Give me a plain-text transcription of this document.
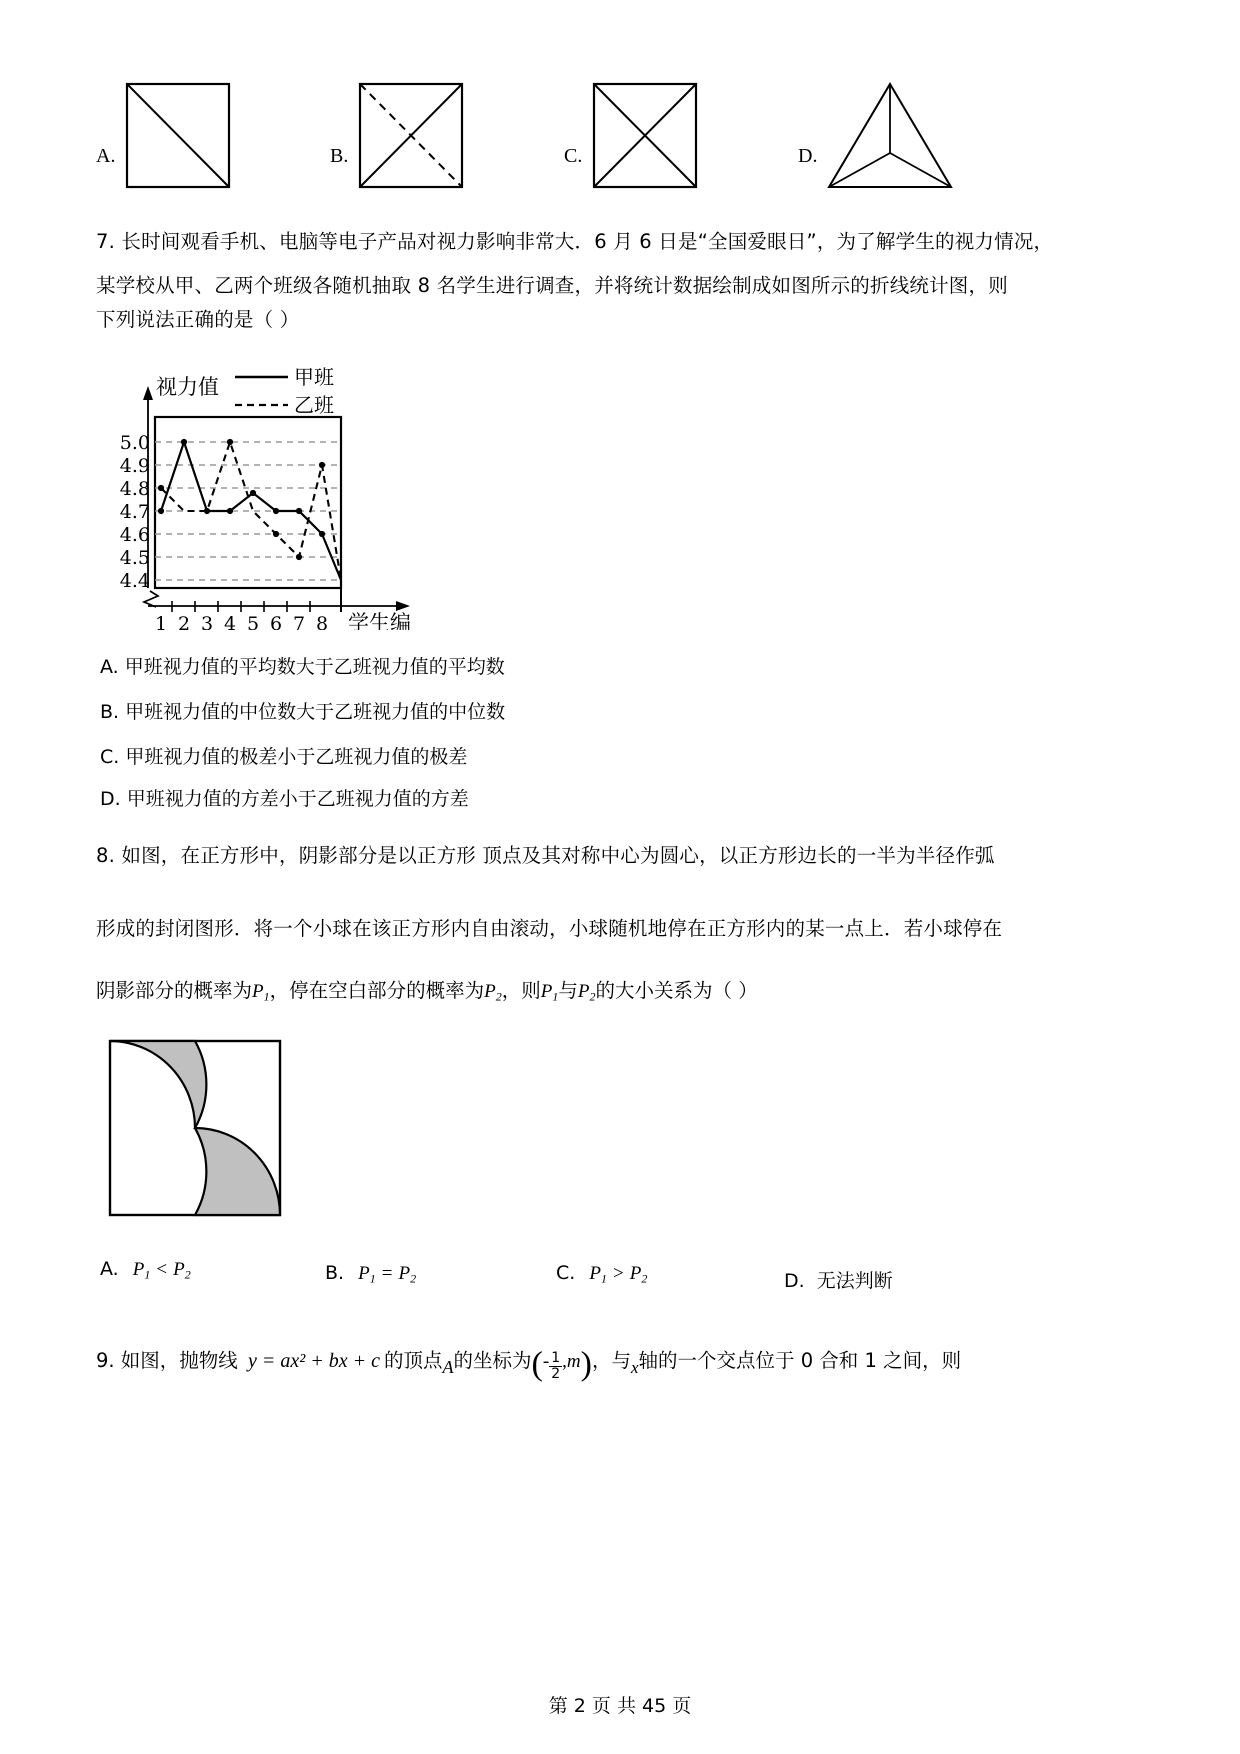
A.	B.	C.	D.
7. 长时间观看手机、电脑等电子产品对视力影响非常大．6 月 6 日是“全国爱眼日”，为了解学生的视力情况，
某学校从甲、乙两个班级各随机抽取 8 名学生进行调查，并将统计数据绘制成如图所示的折线统计图，则
下列说法正确的是（ ）
甲班
乙班
视力值
5.0
4.9
4.8
4.7
4.6
4.5
4.4
1 2 3 4 5 6 7 8 学生编
A. 甲班视力值的平均数大于乙班视力值的平均数
B. 甲班视力值的中位数大于乙班视力值的中位数
C. 甲班视力值的极差小于乙班视力值的极差
D. 甲班视力值的方差小于乙班视力值的方差
8. 如图，在正方形中，阴影部分是以正方形 顶点及其对称中心为圆心，以正方形边长的一半为半径作弧
形成的封闭图形．将一个小球在该正方形内自由滚动，小球随机地停在正方形内的某一点上．若小球停在
阴影部分的概率为$P_1$，停在空白部分的概率为$P_2$，则$P_1$与$P_2$的大小关系为（ ）
A. $P_1 < P_2$	B. $P_1 = P_2$	C. $P_1 > P_2$	D. 无法判断
9. 如图，抛物线 y = ax² + bx + c 的顶点A的坐标为(- $\frac{1}{2} ,m$)，与x轴的一个交点位于 0 合和 1 之间，则
第 2 页 共 45 页
